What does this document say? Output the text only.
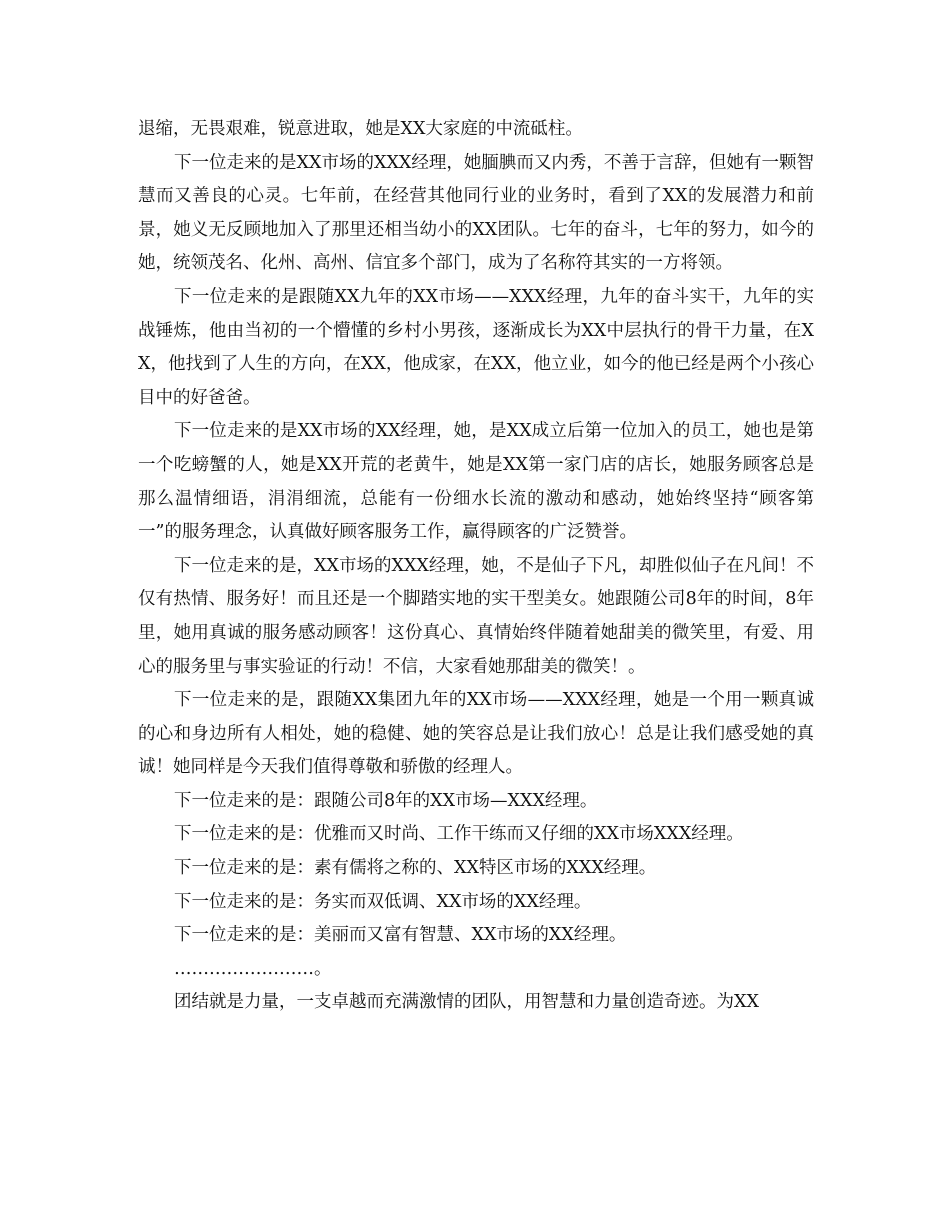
退缩，无畏艰难，锐意进取，她是XX大家庭的中流砥柱。

下一位走来的是XX市场的XXX经理，她腼腆而又内秀，不善于言辞，但她有一颗智慧而又善良的心灵。七年前，在经营其他同行业的业务时，看到了XX的发展潜力和前景，她义无反顾地加入了那里还相当幼小的XX团队。七年的奋斗，七年的努力，如今的她，统领茂名、化州、高州、信宜多个部门，成为了名称符其实的一方将领。

下一位走来的是跟随XX九年的XX市场——XXX经理，九年的奋斗实干，九年的实战锤炼，他由当初的一个懵懂的乡村小男孩，逐渐成长为XX中层执行的骨干力量，在XX，他找到了人生的方向，在XX，他成家，在XX，他立业，如今的他已经是两个小孩心目中的好爸爸。

下一位走来的是XX市场的XX经理，她，是XX成立后第一位加入的员工，她也是第一个吃螃蟹的人，她是XX开荒的老黄牛，她是XX第一家门店的店长，她服务顾客总是那么温情细语，涓涓细流，总能有一份细水长流的激动和感动，她始终坚持“顾客第一”的服务理念，认真做好顾客服务工作，赢得顾客的广泛赞誉。

下一位走来的是，XX市场的XXX经理，她，不是仙子下凡，却胜似仙子在凡间！不仅有热情、服务好！而且还是一个脚踏实地的实干型美女。她跟随公司8年的时间，8年里，她用真诚的服务感动顾客！这份真心、真情始终伴随着她甜美的微笑里，有爱、用心的服务里与事实验证的行动！不信，大家看她那甜美的微笑！。

下一位走来的是，跟随XX集团九年的XX市场——XXX经理，她是一个用一颗真诚的心和身边所有人相处，她的稳健、她的笑容总是让我们放心！总是让我们感受她的真诚！她同样是今天我们值得尊敬和骄傲的经理人。

下一位走来的是：跟随公司8年的XX市场—XXX经理。

下一位走来的是：优雅而又时尚、工作干练而又仔细的XX市场XXX经理。

下一位走来的是：素有儒将之称的、XX特区市场的XXX经理。

下一位走来的是：务实而双低调、XX市场的XX经理。

下一位走来的是：美丽而又富有智慧、XX市场的XX经理。

……………………。

团结就是力量，一支卓越而充满激情的团队，用智慧和力量创造奇迹。为XX
